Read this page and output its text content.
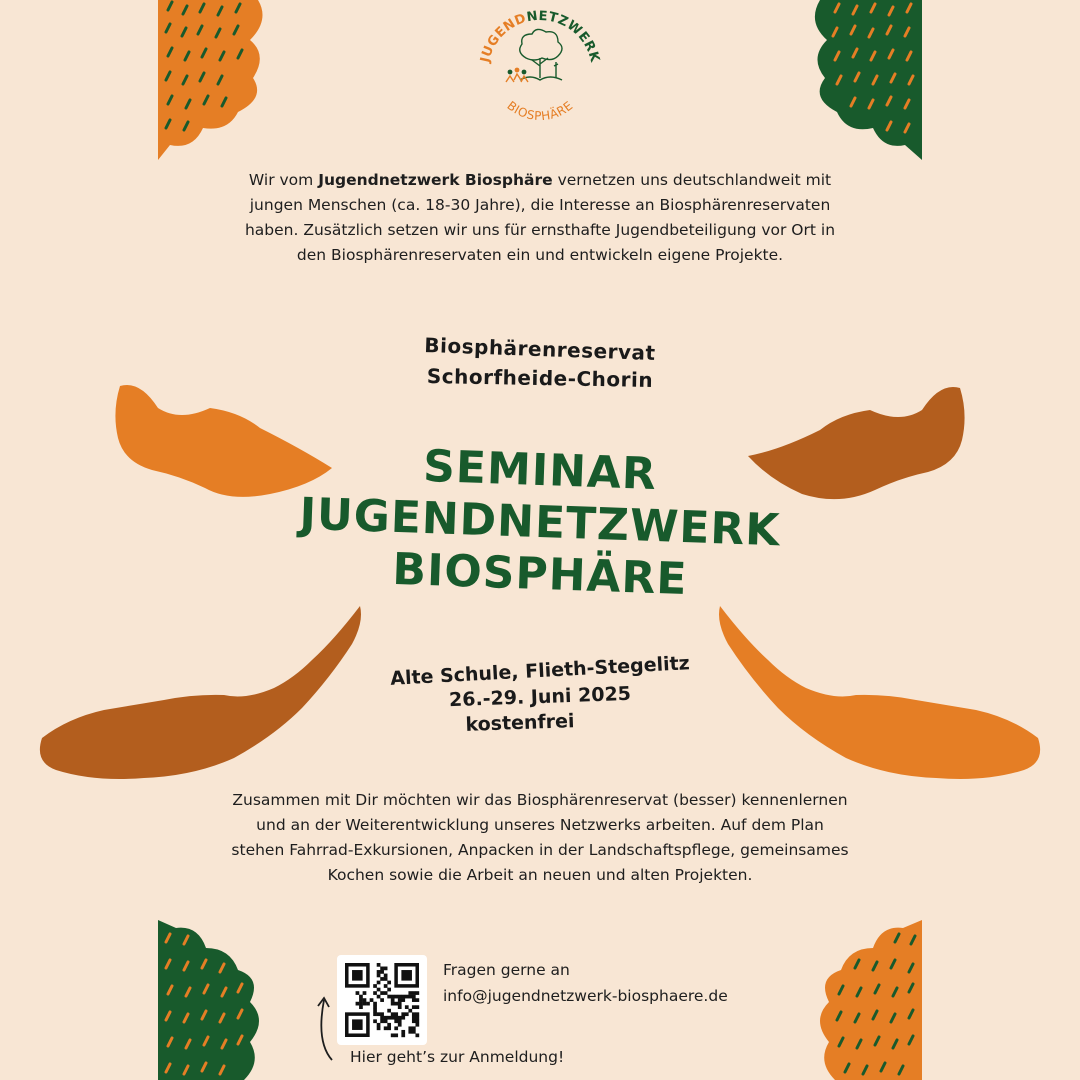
JUGENDNETZWERK
BIOSPHÄRE
Wir vom Jugendnetzwerk Biosphäre vernetzen uns deutschlandweit mit jungen Menschen (ca. 18-30 Jahre), die Interesse an Biosphärenreservaten haben. Zusätzlich setzen wir uns für ernsthafte Jugendbeteiligung vor Ort in den Biosphärenreservaten ein und entwickeln eigene Projekte.
Biosphärenreservat
Schorfheide-Chorin
SEMINAR
JUGENDNETZWERK
BIOSPHÄRE
Alte Schule, Flieth-Stegelitz
26.-29. Juni 2025
kostenfrei
Zusammen mit Dir möchten wir das Biosphärenreservat (besser) kennenlernen und an der Weiterentwicklung unseres Netzwerks arbeiten. Auf dem Plan stehen Fahrrad-Exkursionen, Anpacken in der Landschaftspflege, gemeinsames Kochen sowie die Arbeit an neuen und alten Projekten.
Fragen gerne an
info@jugendnetzwerk-biosphaere.de
Hier geht’s zur Anmeldung!
